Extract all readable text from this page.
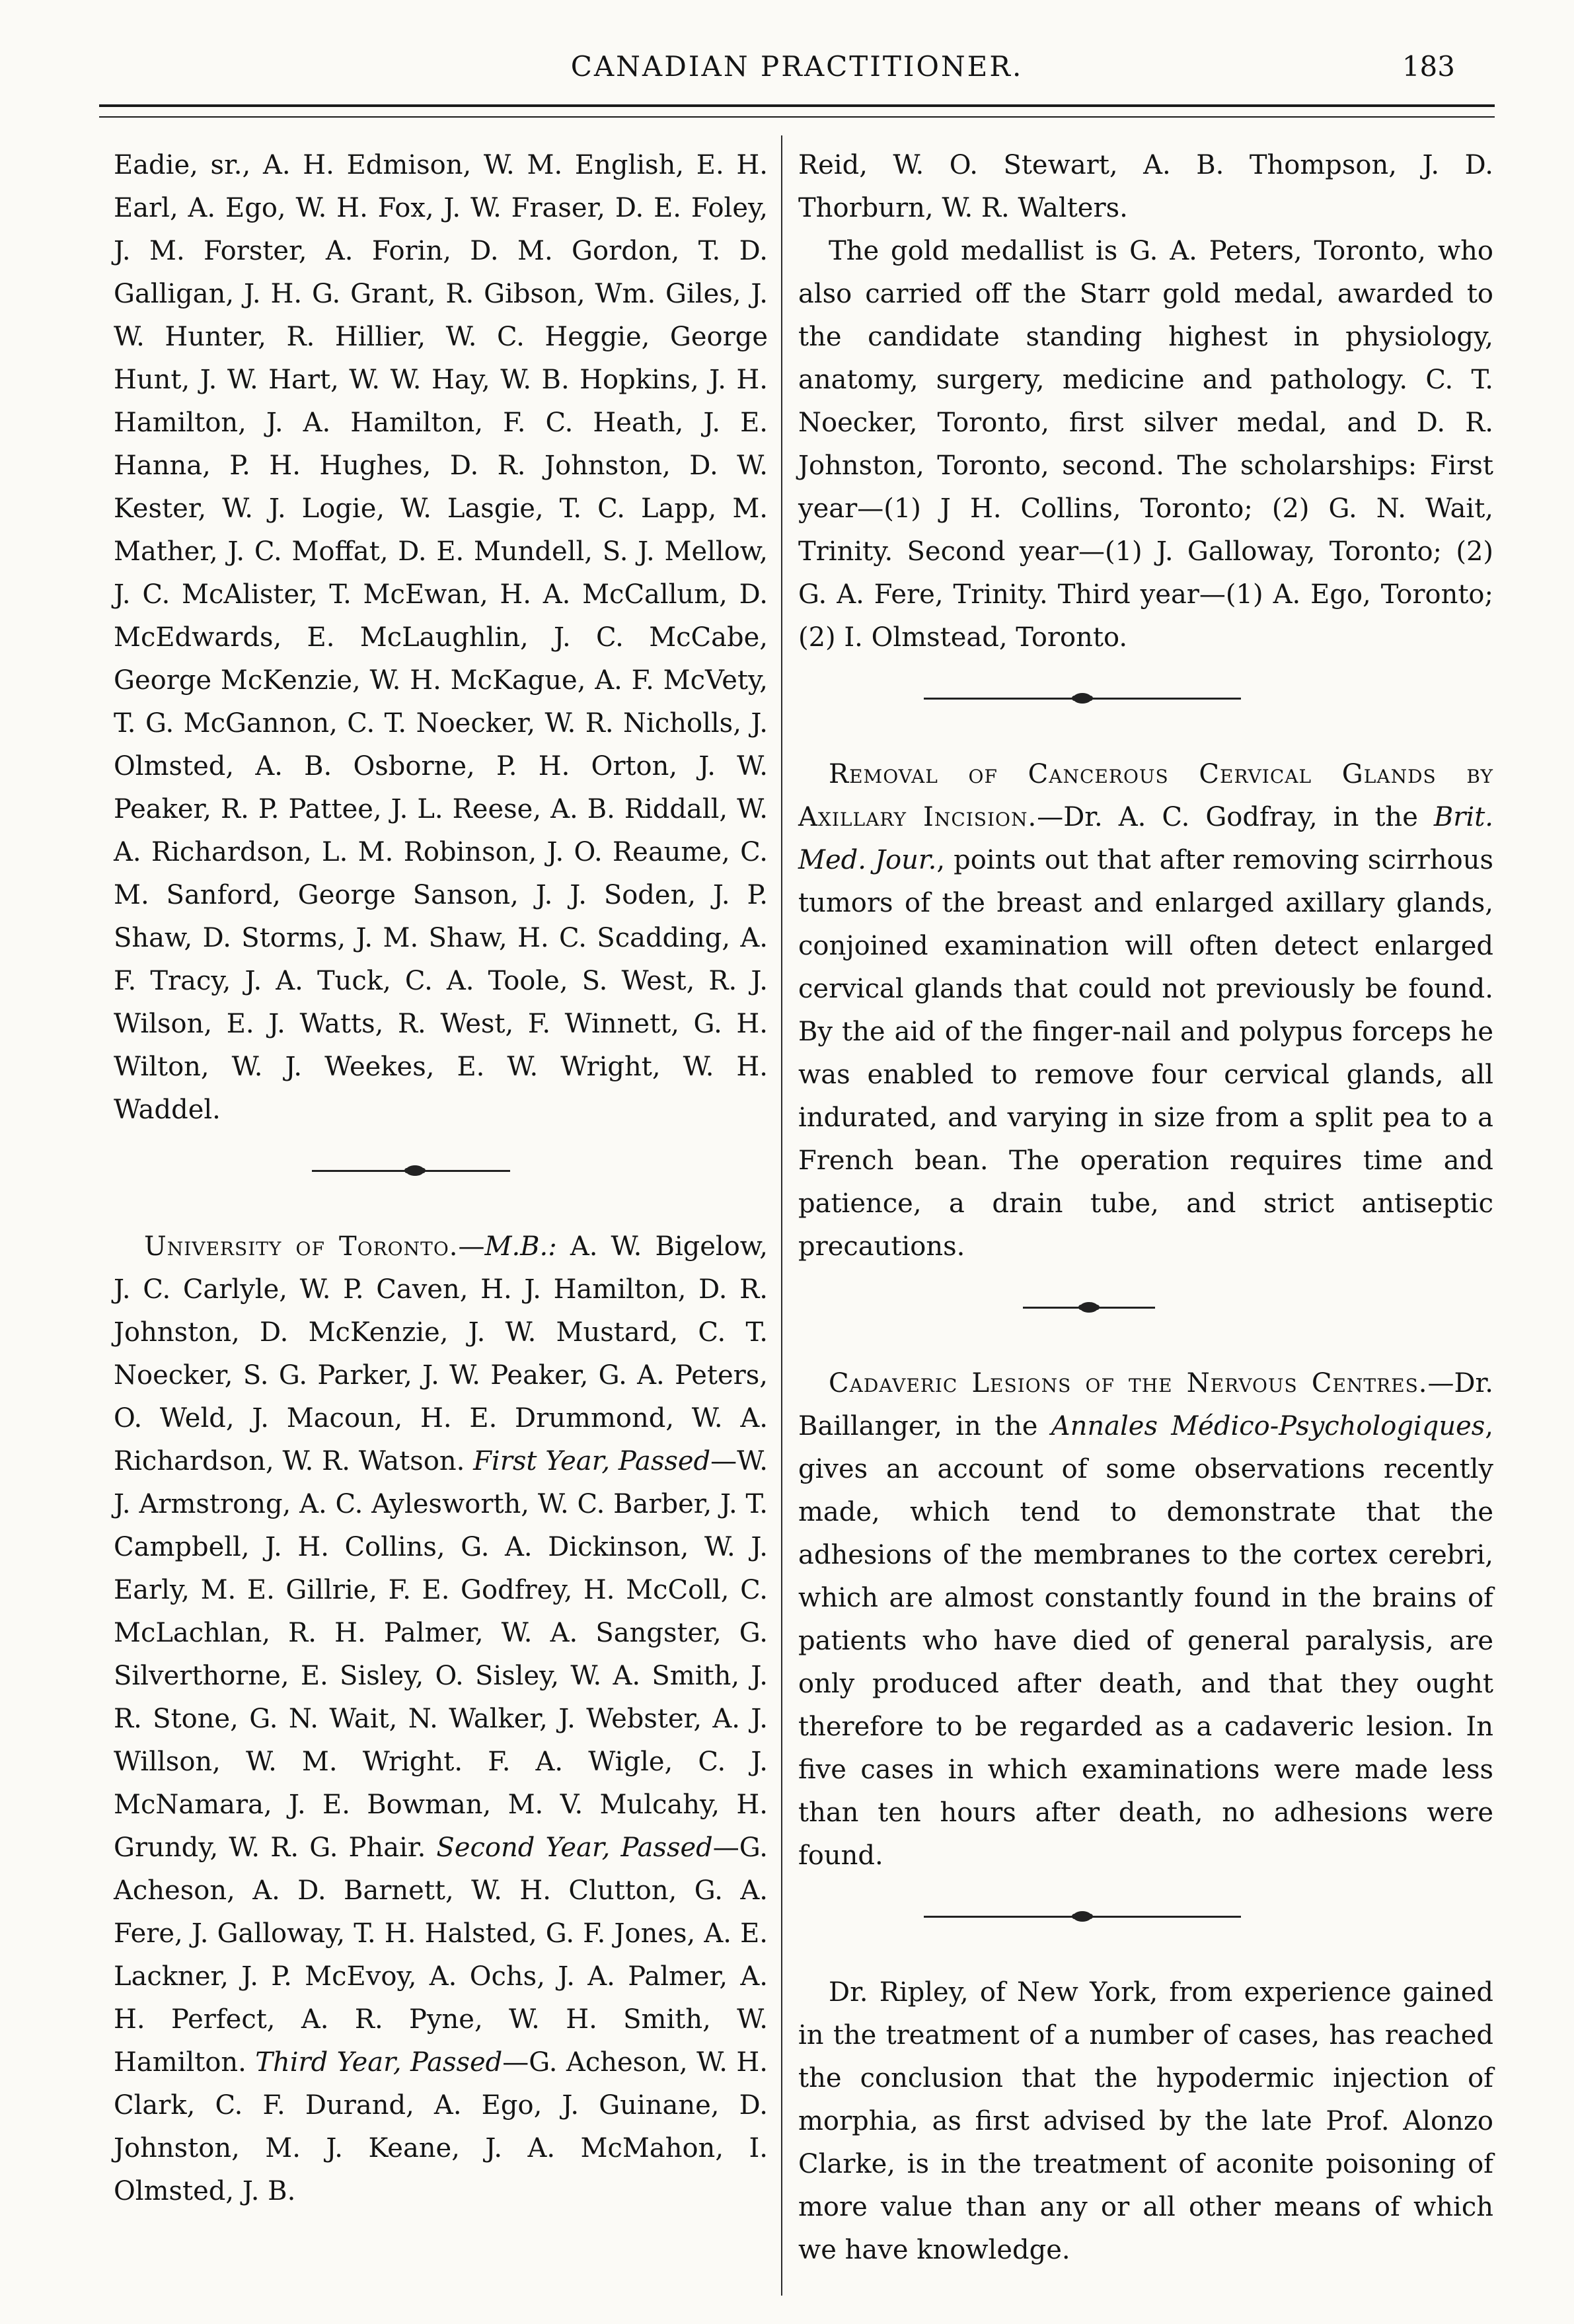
CANADIAN PRACTITIONER.	183

Eadie, sr., A. H. Edmison, W. M. English, E. H. Earl, A. Ego, W. H. Fox, J. W. Fraser, D. E. Foley, J. M. Forster, A. Forin, D. M. Gordon, T. D. Galligan, J. H. G. Grant, R. Gibson, Wm. Giles, J. W. Hunter, R. Hillier, W. C. Heggie, George Hunt, J. W. Hart, W. W. Hay, W. B. Hopkins, J. H. Hamilton, J. A. Hamilton, F. C. Heath, J. E. Hanna, P. H. Hughes, D. R. Johnston, D. W. Kester, W. J. Logie, W. Lasgie, T. C. Lapp, M. Mather, J. C. Moffat, D. E. Mundell, S. J. Mellow, J. C. McAlister, T. McEwan, H. A. McCallum, D. McEdwards, E. McLaughlin, J. C. McCabe, George McKenzie, W. H. McKague, A. F. McVety, T. G. McGannon, C. T. Noecker, W. R. Nicholls, J. Olmsted, A. B. Osborne, P. H. Orton, J. W. Peaker, R. P. Pattee, J. L. Reese, A. B. Riddall, W. A. Richardson, L. M. Robinson, J. O. Reaume, C. M. Sanford, George Sanson, J. J. Soden, J. P. Shaw, D. Storms, J. M. Shaw, H. C. Scadding, A. F. Tracy, J. A. Tuck, C. A. Toole, S. West, R. J. Wilson, E. J. Watts, R. West, F. Winnett, G. H. Wilton, W. J. Weekes, E. W. Wright, W. H. Waddel.

University of Toronto.—M.B.: A. W. Bigelow, J. C. Carlyle, W. P. Caven, H. J. Hamilton, D. R. Johnston, D. McKenzie, J. W. Mustard, C. T. Noecker, S. G. Parker, J. W. Peaker, G. A. Peters, O. Weld, J. Macoun, H. E. Drummond, W. A. Richardson, W. R. Watson. First Year, Passed—W. J. Armstrong, A. C. Aylesworth, W. C. Barber, J. T. Campbell, J. H. Collins, G. A. Dickinson, W. J. Early, M. E. Gillrie, F. E. Godfrey, H. McColl, C. McLachlan, R. H. Palmer, W. A. Sangster, G. Silverthorne, E. Sisley, O. Sisley, W. A. Smith, J. R. Stone, G. N. Wait, N. Walker, J. Webster, A. J. Willson, W. M. Wright. F. A. Wigle, C. J. McNamara, J. E. Bowman, M. V. Mulcahy, H. Grundy, W. R. G. Phair. Second Year, Passed—G. Acheson, A. D. Barnett, W. H. Clutton, G. A. Fere, J. Galloway, T. H. Halsted, G. F. Jones, A. E. Lackner, J. P. McEvoy, A. Ochs, J. A. Palmer, A. H. Perfect, A. R. Pyne, W. H. Smith, W. Hamilton. Third Year, Passed—G. Acheson, W. H. Clark, C. F. Durand, A. Ego, J. Guinane, D. Johnston, M. J. Keane, J. A. McMahon, I. Olmsted, J. B.

Reid, W. O. Stewart, A. B. Thompson, J. D. Thorburn, W. R. Walters.

The gold medallist is G. A. Peters, Toronto, who also carried off the Starr gold medal, awarded to the candidate standing highest in physiology, anatomy, surgery, medicine and pathology. C. T. Noecker, Toronto, first silver medal, and D. R. Johnston, Toronto, second. The scholarships: First year—(1) J H. Collins, Toronto; (2) G. N. Wait, Trinity. Second year—(1) J. Galloway, Toronto; (2) G. A. Fere, Trinity. Third year—(1) A. Ego, Toronto; (2) I. Olmstead, Toronto.

Removal of Cancerous Cervical Glands by Axillary Incision.—Dr. A. C. Godfray, in the Brit. Med. Jour., points out that after removing scirrhous tumors of the breast and enlarged axillary glands, conjoined examination will often detect enlarged cervical glands that could not previously be found. By the aid of the finger-nail and polypus forceps he was enabled to remove four cervical glands, all indurated, and varying in size from a split pea to a French bean. The operation requires time and patience, a drain tube, and strict antiseptic precautions.

Cadaveric Lesions of the Nervous Centres.—Dr. Baillanger, in the Annales Médico-Psychologiques, gives an account of some observations recently made, which tend to demonstrate that the adhesions of the membranes to the cortex cerebri, which are almost constantly found in the brains of patients who have died of general paralysis, are only produced after death, and that they ought therefore to be regarded as a cadaveric lesion. In five cases in which examinations were made less than ten hours after death, no adhesions were found.

Dr. Ripley, of New York, from experience gained in the treatment of a number of cases, has reached the conclusion that the hypodermic injection of morphia, as first advised by the late Prof. Alonzo Clarke, is in the treatment of aconite poisoning of more value than any or all other means of which we have knowledge.
